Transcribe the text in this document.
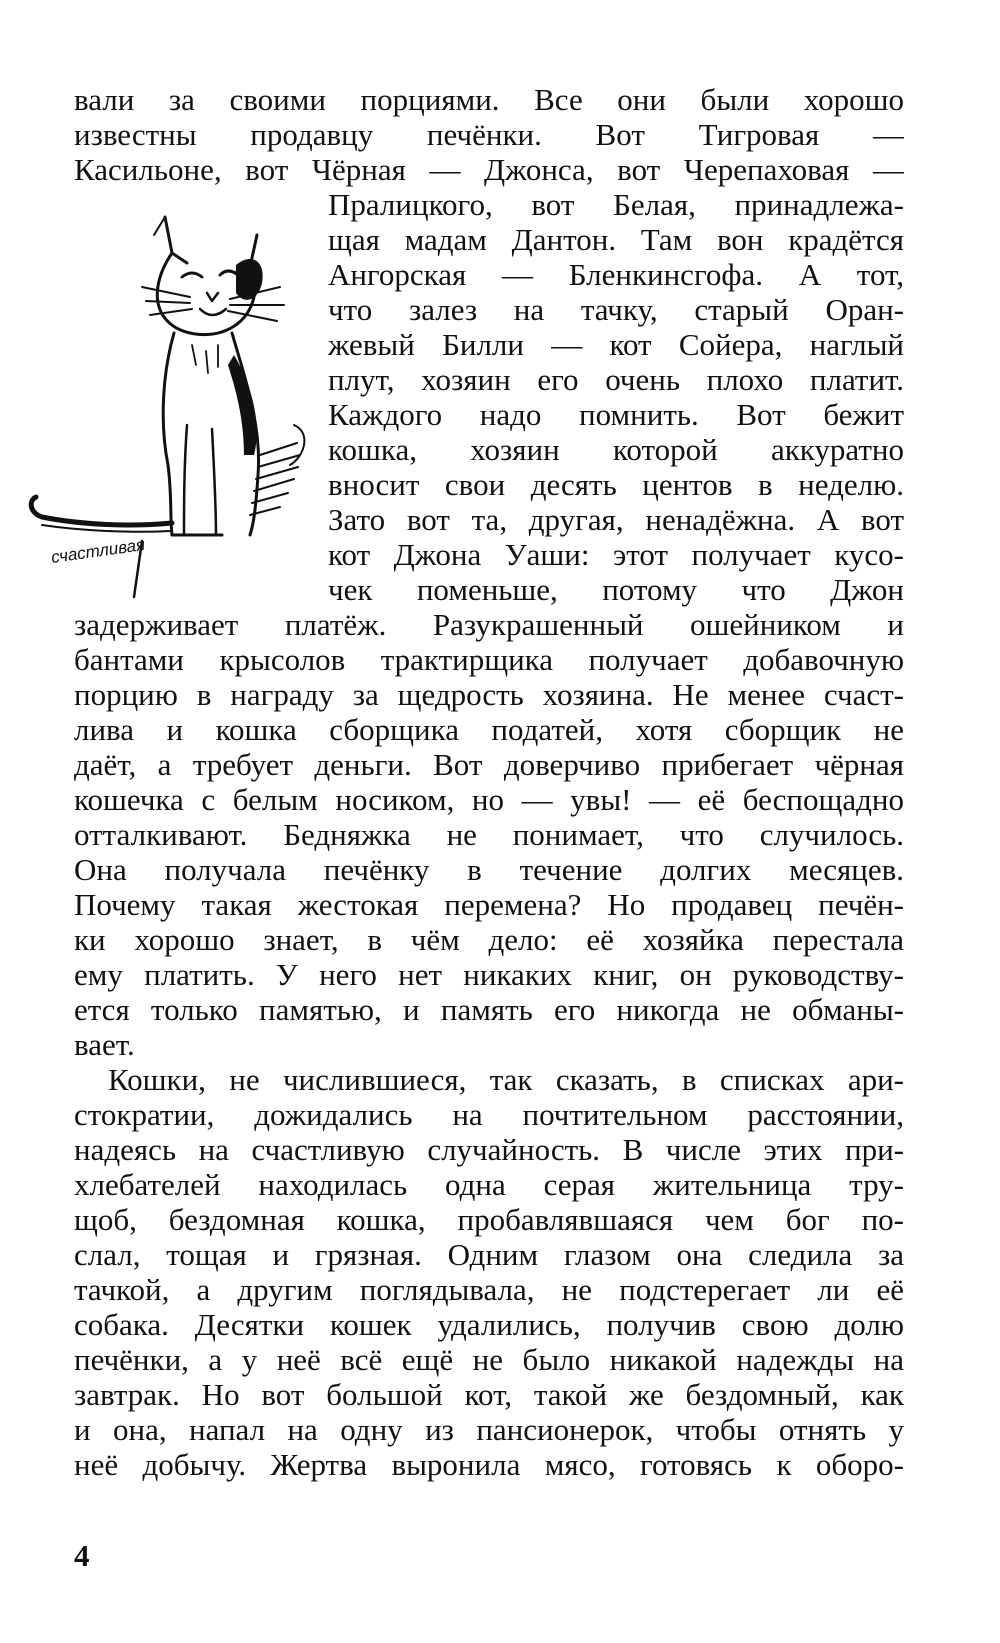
счастливая
вали за своими порциями. Все они были хорошо
известны продавцу печёнки. Вот Тигровая —
Касильоне, вот Чёрная — Джонса, вот Черепаховая —
Пралицкого, вот Белая, принадлежа-
щая мадам Дантон. Там вон крадётся
Ангорская — Бленкинсгофа. А тот,
что залез на тачку, старый Оран-
жевый Билли — кот Сойера, наглый
плут, хозяин его очень плохо платит.
Каждого надо помнить. Вот бежит
кошка, хозяин которой аккуратно
вносит свои десять центов в неделю.
Зато вот та, другая, ненадёжна. А вот
кот Джона Уаши: этот получает кусо-
чек поменьше, потому что Джон
задерживает платёж. Разукрашенный ошейником и
бантами крысолов трактирщика получает добавочную
порцию в награду за щедрость хозяина. Не менее счаст-
лива и кошка сборщика податей, хотя сборщик не
даёт, а требует деньги. Вот доверчиво прибегает чёрная
кошечка с белым носиком, но — увы! — её беспощадно
отталкивают. Бедняжка не понимает, что случилось.
Она получала печёнку в течение долгих месяцев.
Почему такая жестокая перемена? Но продавец печён-
ки хорошо знает, в чём дело: её хозяйка перестала
ему платить. У него нет никаких книг, он руководству-
ется только памятью, и память его никогда не обманы-
вает.
Кошки, не числившиеся, так сказать, в списках ари-
стократии, дожидались на почтительном расстоянии,
надеясь на счастливую случайность. В числе этих при-
хлебателей находилась одна серая жительница тру-
щоб, бездомная кошка, пробавлявшаяся чем бог по-
слал, тощая и грязная. Одним глазом она следила за
тачкой, а другим поглядывала, не подстерегает ли её
собака. Десятки кошек удалились, получив свою долю
печёнки, а у неё всё ещё не было никакой надежды на
завтрак. Но вот большой кот, такой же бездомный, как
и она, напал на одну из пансионерок, чтобы отнять у
неё добычу. Жертва выронила мясо, готовясь к оборо-
4
